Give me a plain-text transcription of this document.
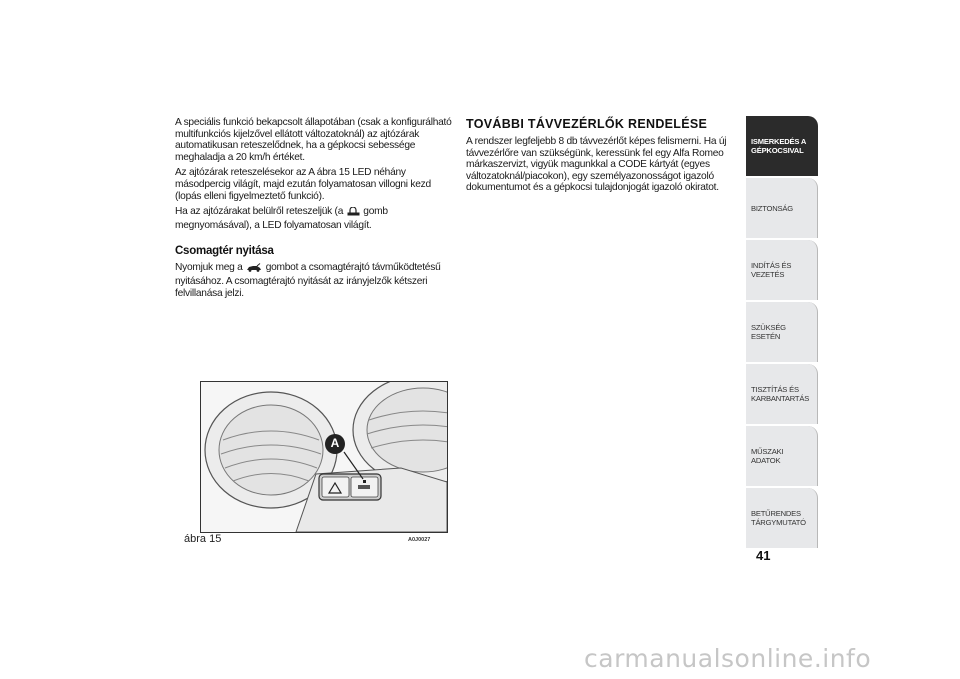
A speciális funkció bekapcsolt állapotában (csak a konfigurálható multifunkciós kijelzővel ellátott változatoknál) az ajtózárak automatikusan reteszelődnek, ha a gépkocsi sebessége meghaladja a 20 km/h értéket.

Az ajtózárak reteszelésekor az A ábra 15 LED néhány másodpercig világít, majd ezután folyamatosan villogni kezd (lopás elleni figyelmeztető funkció).

Ha az ajtózárakat belülről reteszeljük (a  gomb megnyomásával), a LED folyamatosan világít.

Csomagtér nyitása

Nyomjuk meg a  gombot a csomagtérajtó távműködtetésű nyitásához. A csomagtérajtó nyitását az irányjelzők kétszeri felvillanása jelzi.

A
ábra 15	A0J0027
TOVÁBBI TÁVVEZÉRLŐK RENDELÉSE

A rendszer legfeljebb 8 db távvezérlőt képes felismerni. Ha új távvezérlőre van szükségünk, keressünk fel egy Alfa Romeo márkaszervizt, vigyük magunkkal a CODE kártyát (egyes változatoknál/piacokon), egy személyazonosságot igazoló dokumentumot és a gépkocsi tulajdonjogát igazoló okiratot.

ISMERKEDÉS A GÉPKOCSIVAL
BIZTONSÁG
INDÍTÁS ÉS VEZETÉS
SZÜKSÉG ESETÉN
TISZTÍTÁS ÉS KARBANTARTÁS
MŰSZAKI ADATOK
BETŰRENDES TÁRGYMUTATÓ
41
carmanualsonline.info
